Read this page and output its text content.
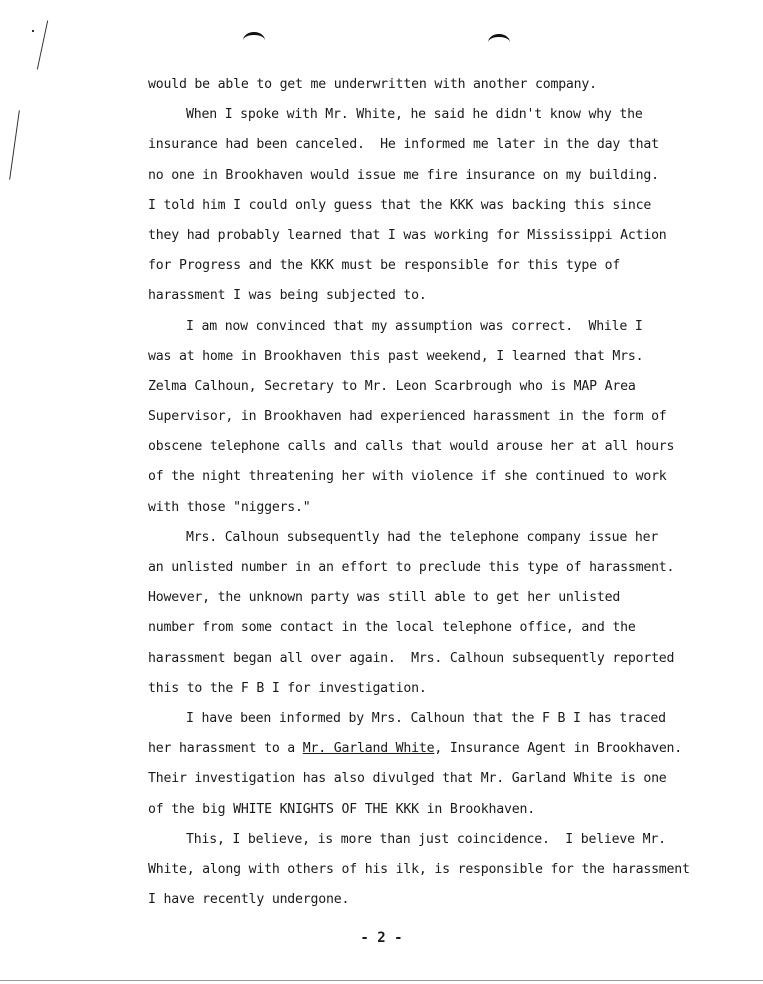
would be able to get me underwritten with another company.
When I spoke with Mr. White, he said he didn't know why the
insurance had been canceled.  He informed me later in the day that
no one in Brookhaven would issue me fire insurance on my building.
I told him I could only guess that the KKK was backing this since
they had probably learned that I was working for Mississippi Action
for Progress and the KKK must be responsible for this type of
harassment I was being subjected to.
I am now convinced that my assumption was correct.  While I
was at home in Brookhaven this past weekend, I learned that Mrs.
Zelma Calhoun, Secretary to Mr. Leon Scarbrough who is MAP Area
Supervisor, in Brookhaven had experienced harassment in the form of
obscene telephone calls and calls that would arouse her at all hours
of the night threatening her with violence if she continued to work
with those "niggers."
Mrs. Calhoun subsequently had the telephone company issue her
an unlisted number in an effort to preclude this type of harassment.
However, the unknown party was still able to get her unlisted
number from some contact in the local telephone office, and the
harassment began all over again.  Mrs. Calhoun subsequently reported
this to the F B I for investigation.
I have been informed by Mrs. Calhoun that the F B I has traced
her harassment to a Mr. Garland White, Insurance Agent in Brookhaven.
Their investigation has also divulged that Mr. Garland White is one
of the big WHITE KNIGHTS OF THE KKK in Brookhaven.
This, I believe, is more than just coincidence.  I believe Mr.
White, along with others of his ilk, is responsible for the harassment
I have recently undergone.
- 2 -
